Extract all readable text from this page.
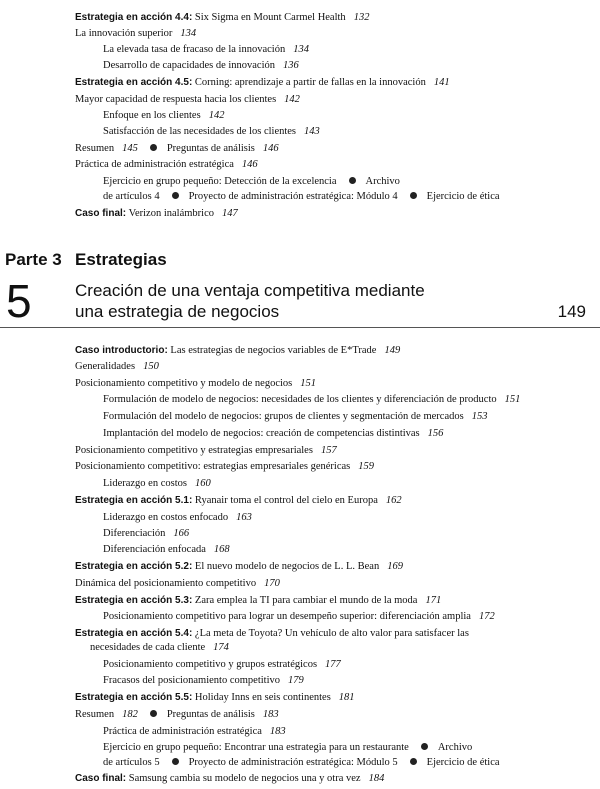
Estrategia en acción 4.4: Six Sigma en Mount Carmel Health 132
La innovación superior 134
La elevada tasa de fracaso de la innovación 134
Desarrollo de capacidades de innovación 136
Estrategia en acción 4.5: Corning: aprendizaje a partir de fallas en la innovación 141
Mayor capacidad de respuesta hacia los clientes 142
Enfoque en los clientes 142
Satisfacción de las necesidades de los clientes 143
Resumen 145	Preguntas de análisis 146
Práctica de administración estratégica 146
Ejercicio en grupo pequeño: Detección de la excelencia	Archivo
de artículos 4	Proyecto de administración estratégica: Módulo 4	Ejercicio de ética
Caso final: Verizon inalámbrico 147
Parte 3 Estrategias
5	Creación de una ventaja competitiva mediante
una estrategia de negocios	149
Caso introductorio: Las estrategias de negocios variables de E*Trade 149
Generalidades 150
Posicionamiento competitivo y modelo de negocios 151
Formulación de modelo de negocios: necesidades de los clientes y diferenciación de producto 151
Formulación del modelo de negocios: grupos de clientes y segmentación de mercados 153
Implantación del modelo de negocios: creación de competencias distintivas 156
Posicionamiento competitivo y estrategias empresariales 157
Posicionamiento competitivo: estrategias empresariales genéricas 159
Liderazgo en costos 160
Estrategia en acción 5.1: Ryanair toma el control del cielo en Europa 162
Liderazgo en costos enfocado 163
Diferenciación 166
Diferenciación enfocada 168
Estrategia en acción 5.2: El nuevo modelo de negocios de L. L. Bean 169
Dinámica del posicionamiento competitivo 170
Estrategia en acción 5.3: Zara emplea la TI para cambiar el mundo de la moda 171
Posicionamiento competitivo para lograr un desempeño superior: diferenciación amplia 172
Estrategia en acción 5.4: ¿La meta de Toyota? Un vehículo de alto valor para satisfacer las
necesidades de cada cliente 174
Posicionamiento competitivo y grupos estratégicos 177
Fracasos del posicionamiento competitivo 179
Estrategia en acción 5.5: Holiday Inns en seis continentes 181
Resumen 182	Preguntas de análisis 183
Práctica de administración estratégica 183
Ejercicio en grupo pequeño: Encontrar una estrategia para un restaurante	Archivo
de artículos 5	Proyecto de administración estratégica: Módulo 5	Ejercicio de ética
Caso final: Samsung cambia su modelo de negocios una y otra vez 184
